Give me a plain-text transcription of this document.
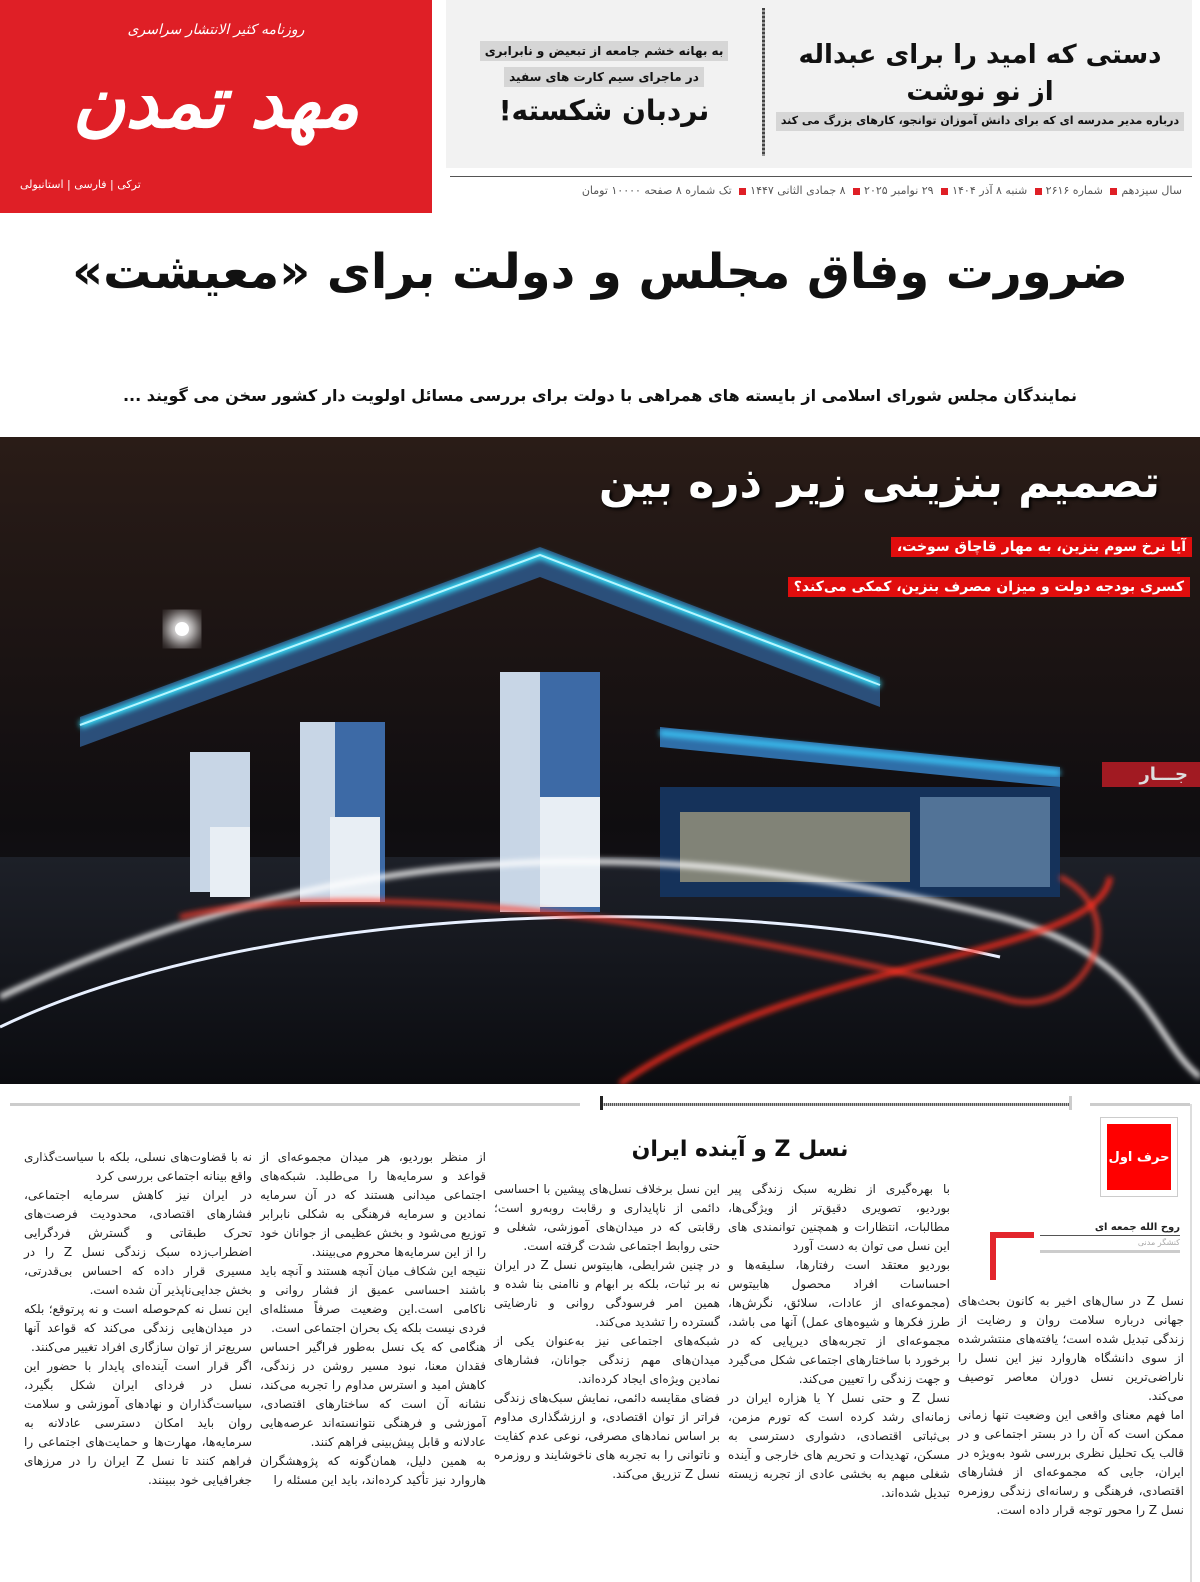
روزنامه کثیر الانتشار سراسری
مهد تمدن
ترکی | فارسی | استانبولی
دستی که امید را برای عبداله
از نو نوشت
درباره مدیر مدرسه ای که برای دانش آموزان توانجو، کارهای بزرگ می کند
به بهانه خشم جامعه از تبعیض و نابرابری
در ماجرای سیم کارت های سفید
نردبان شکسته!
سال سیزدهم شماره ۲۶۱۶ شنبه ۸ آذر ۱۴۰۴ ۲۹ نوامبر ۲۰۲۵ ۸ جمادی الثانی ۱۴۴۷ تک شماره ۸ صفحه ۱۰۰۰۰ تومان
ضرورت وفاق مجلس و دولت برای «معیشت»
نمایندگان مجلس شورای اسلامی از بایسته های همراهی با دولت برای بررسی مسائل اولویت دار کشور سخن می گویند ...
تصمیم بنزینی زیر ذره بین
آیا نرخ سوم بنزین، به مهار قاچاق سوخت،
کسری بودجه دولت و میزان مصرف بنزین، کمکی می‌کند؟
جـــار
حرف اول
روح الله جمعه ای
کنشگر مدنی
نسل Z و آینده ایران

نسل Z در سال‌های اخیر به کانون بحث‌های جهانی درباره سلامت روان و رضایت از زندگی تبدیل شده است؛ یافته‌های منتشرشده از سوی دانشگاه هاروارد نیز این نسل را ناراضی‌ترین نسل دوران معاصر توصیف می‌کند.

اما فهم معنای واقعی این وضعیت تنها زمانی ممکن است که آن را در بستر اجتماعی و در قالب یک تحلیل نظری بررسی شود به‌ویژه در ایران، جایی که مجموعه‌ای از فشارهای اقتصادی، فرهنگی و رسانه‌ای زندگی روزمره نسل Z را محور توجه قرار داده است.

با بهره‌گیری از نظریه سبک زندگی پیر بوردیو، تصویری دقیق‌تر از ویژگی‌ها، مطالبات، انتظارات و همچنین توانمندی های این نسل می توان به دست آورد

بوردیو معتقد است رفتارها، سلیقه‌ها و احساسات افراد محصول هابیتوس (مجموعه‌ای از عادات، سلائق، نگرش‌ها، طرز فکرها و شیوه‌های عمل) آنها می باشد، مجموعه‌ای از تجربه‌های دیرپایی که در برخورد با ساختارهای اجتماعی شکل می‌گیرد و جهت زندگی را تعیین می‌کند.

نسل Z و حتی نسل Y یا هزاره ایران در زمانه‌ای رشد کرده است که تورم مزمن، بی‌ثباتی اقتصادی، دشواری دسترسی به مسکن، تهدیدات و تحریم های خارجی و آینده شغلی مبهم به بخشی عادی از تجربه زیسته تبدیل شده‌اند.

این نسل برخلاف نسل‌های پیشین با احساسی دائمی از ناپایداری و رقابت روبه‌رو است؛ رقابتی که در میدان‌های آموزشی، شغلی و حتی روابط اجتماعی شدت گرفته است.

در چنین شرایطی، هابیتوس نسل Z در ایران نه بر ثبات، بلکه بر ابهام و ناامنی بنا شده و همین امر فرسودگی روانی و نارضایتی گسترده را تشدید می‌کند.

شبکه‌های اجتماعی نیز به‌عنوان یکی از میدان‌های مهم زندگی جوانان، فشارهای نمادین ویژه‌ای ایجاد کرده‌اند.

فضای مقایسه دائمی، نمایش سبک‌های زندگی فراتر از توان اقتصادی، و ارزشگذاری مداوم بر اساس نمادهای مصرفی، نوعی عدم کفایت و ناتوانی را به تجربه های ناخوشایند و روزمره نسل Z تزریق می‌کند.

از منظر بوردیو، هر میدان مجموعه‌ای از قواعد و سرمایه‌ها را می‌طلبد. شبکه‌های اجتماعی میدانی هستند که در آن سرمایه نمادین و سرمایه فرهنگی به شکلی نابرابر توزیع می‌شود و بخش عظیمی از جوانان خود را از این سرمایه‌ها محروم می‌بینند.

نتیجه این شکاف میان آنچه هستند و آنچه باید باشند احساسی عمیق از فشار روانی و ناکامی است.این وضعیت صرفاً مسئله‌ای فردی نیست بلکه یک بحران اجتماعی است.

هنگامی که یک نسل به‌طور فراگیر احساس فقدان معنا، نبود مسیر روشن در زندگی، کاهش امید و استرس مداوم را تجربه می‌کند، نشانه آن است که ساختارهای اقتصادی، آموزشی و فرهنگی نتوانسته‌اند عرصه‌هایی عادلانه و قابل پیش‌بینی فراهم کنند.

به همین دلیل، همان‌گونه که پژوهشگران هاروارد نیز تأکید کرده‌اند، باید این مسئله را

نه با قضاوت‌های نسلی، بلکه با سیاست‌گذاری واقع بینانه اجتماعی بررسی کرد

در ایران نیز کاهش سرمایه اجتماعی، فشارهای اقتصادی، محدودیت فرصت‌های تحرک طبقاتی و گسترش فردگرایی اضطراب‌زده سبک زندگی نسل Z را در مسیری قرار داده که احساس بی‌قدرتی، بخش جدایی‌ناپذیر آن شده است.

این نسل نه کم‌حوصله است و نه پرتوقع؛ بلکه در میدان‌هایی زندگی می‌کند که قواعد آنها سریع‌تر از توان سازگاری افراد تغییر می‌کنند.

اگر قرار است آینده‌ای پایدار با حضور این نسل در فردای ایران شکل بگیرد، سیاست‌گذاران و نهادهای آموزشی و سلامت روان باید امکان دسترسی عادلانه به سرمایه‌ها، مهارت‌ها و حمایت‌های اجتماعی را فراهم کنند تا نسل Z ایران را در مرزهای جغرافیایی خود ببینند.
